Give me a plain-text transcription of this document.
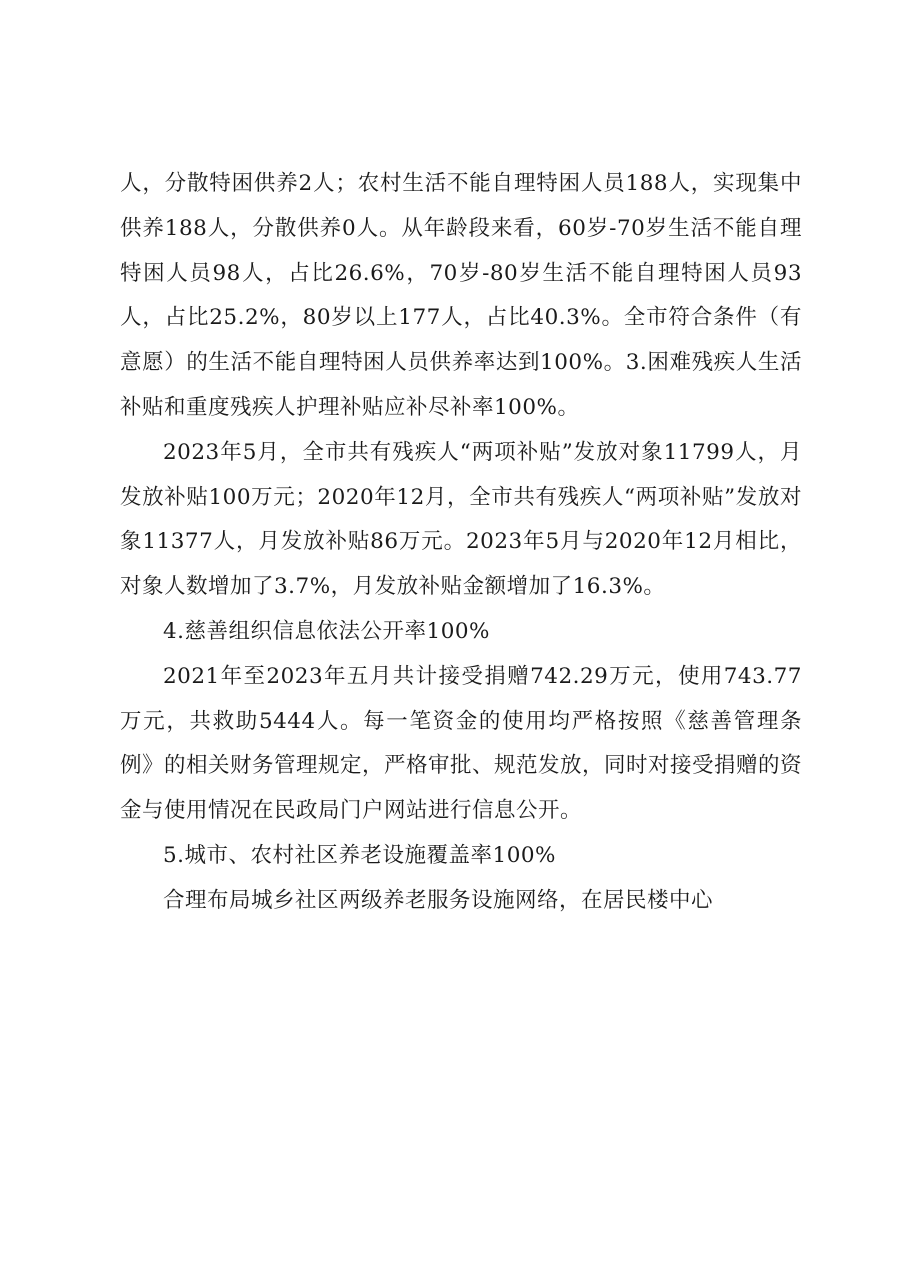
人，分散特困供养2人；农村生活不能自理特困人员188人，实现集中供养188人，分散供养0人。从年龄段来看，60岁-70岁生活不能自理特困人员98人，占比26.6%，70岁-80岁生活不能自理特困人员93人，占比25.2%，80岁以上177人，占比40.3%。全市符合条件（有意愿）的生活不能自理特困人员供养率达到100%。3.困难残疾人生活补贴和重度残疾人护理补贴应补尽补率100%。

2023年5月，全市共有残疾人“两项补贴”发放对象11799人，月发放补贴100万元；2020年12月，全市共有残疾人“两项补贴”发放对象11377人，月发放补贴86万元。2023年5月与2020年12月相比，对象人数增加了3.7%，月发放补贴金额增加了16.3%。

4.慈善组织信息依法公开率100%

2021年至2023年五月共计接受捐赠742.29万元，使用743.77万元，共救助5444人。每一笔资金的使用均严格按照《慈善管理条例》的相关财务管理规定，严格审批、规范发放，同时对接受捐赠的资金与使用情况在民政局门户网站进行信息公开。

5.城市、农村社区养老设施覆盖率100%

合理布局城乡社区两级养老服务设施网络，在居民楼中心
